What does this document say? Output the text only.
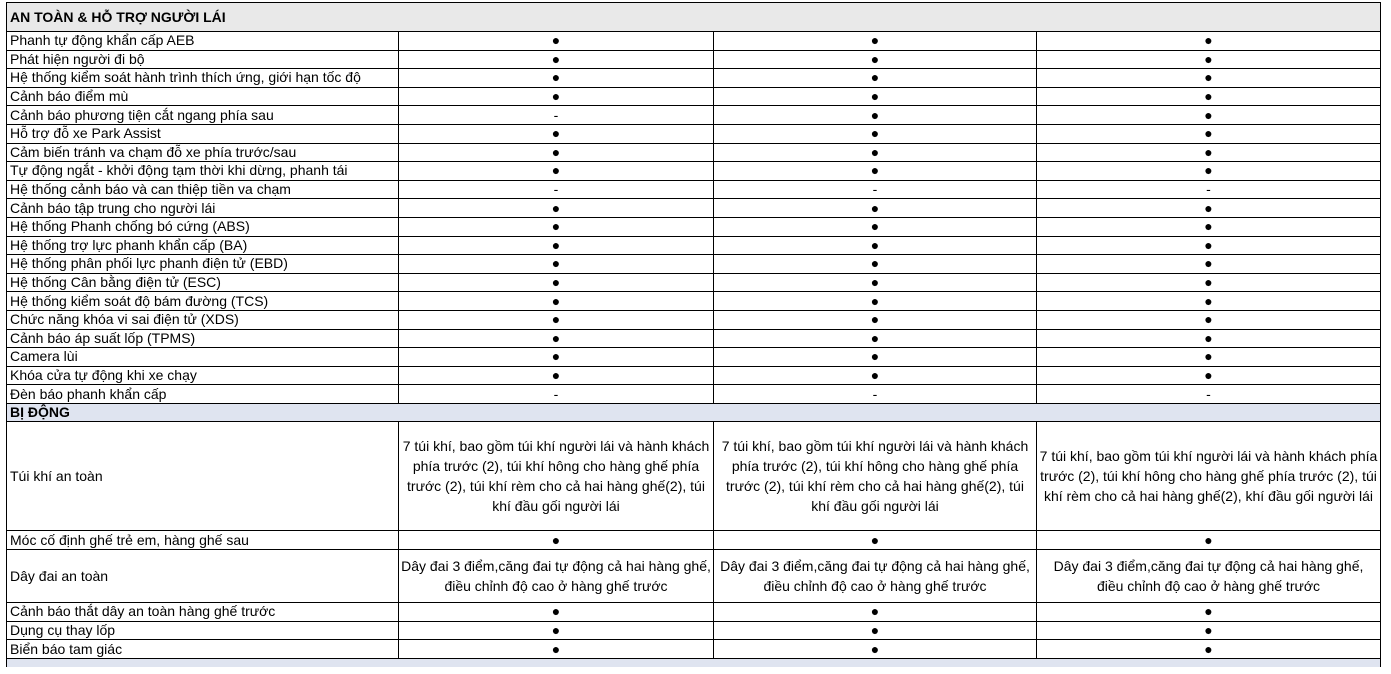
AN TOÀN & HỖ TRỢ NGƯỜI LÁI			
Phanh tự động khẩn cấp AEB	●	●	●
Phát hiện người đi bộ	●	●	●
Hệ thống kiểm soát hành trình thích ứng, giới hạn tốc độ	●	●	●
Cảnh báo điểm mù	●	●	●
Cảnh báo phương tiện cắt ngang phía sau	-	●	●
Hỗ trợ đỗ xe Park Assist	●	●	●
Cảm biến tránh va chạm đỗ xe phía trước/sau	●	●	●
Tự động ngắt - khởi động tạm thời khi dừng, phanh tái	●	●	●
Hệ thống cảnh báo và can thiệp tiền va chạm	-	-	-
Cảnh báo tập trung cho người lái	●	●	●
Hệ thống Phanh chống bó cứng (ABS)	●	●	●
Hệ thống trợ lực phanh khẩn cấp (BA)	●	●	●
Hệ thống phân phối lực phanh điện tử (EBD)	●	●	●
Hệ thống Cân bằng điện tử (ESC)	●	●	●
Hệ thống kiểm soát độ bám đường (TCS)	●	●	●
Chức năng khóa vi sai điện tử (XDS)	●	●	●
Cảnh báo áp suất lốp (TPMS)	●	●	●
Camera lùi	●	●	●
Khóa cửa tự động khi xe chạy	●	●	●
Đèn báo phanh khẩn cấp	-	-	-
BỊ ĐỘNG			
Túi khí an toàn	7 túi khí, bao gồm túi khí người lái và hành khách phía trước (2), túi khí hông cho hàng ghế phía trước (2), túi khí rèm cho cả hai hàng ghế(2), túi khí đầu gối người lái	7 túi khí, bao gồm túi khí người lái và hành khách phía trước (2), túi khí hông cho hàng ghế phía trước (2), túi khí rèm cho cả hai hàng ghế(2), túi khí đầu gối người lái	7 túi khí, bao gồm túi khí người lái và hành khách phía trước (2), túi khí hông cho hàng ghế phía trước (2), túi khí rèm cho cả hai hàng ghế(2), khí đầu gối người lái
Móc cố định ghế trẻ em, hàng ghế sau	●	●	●
Dây đai an toàn	Dây đai 3 điểm,căng đai tự động cả hai hàng ghế, điều chỉnh độ cao ở hàng ghế trước	Dây đai 3 điểm,căng đai tự động cả hai hàng ghế, điều chỉnh độ cao ở hàng ghế trước	Dây đai 3 điểm,căng đai tự động cả hai hàng ghế, điều chỉnh độ cao ở hàng ghế trước
Cảnh báo thắt dây an toàn hàng ghế trước	●	●	●
Dụng cụ thay lốp	●	●	●
Biển báo tam giác	●	●	●
